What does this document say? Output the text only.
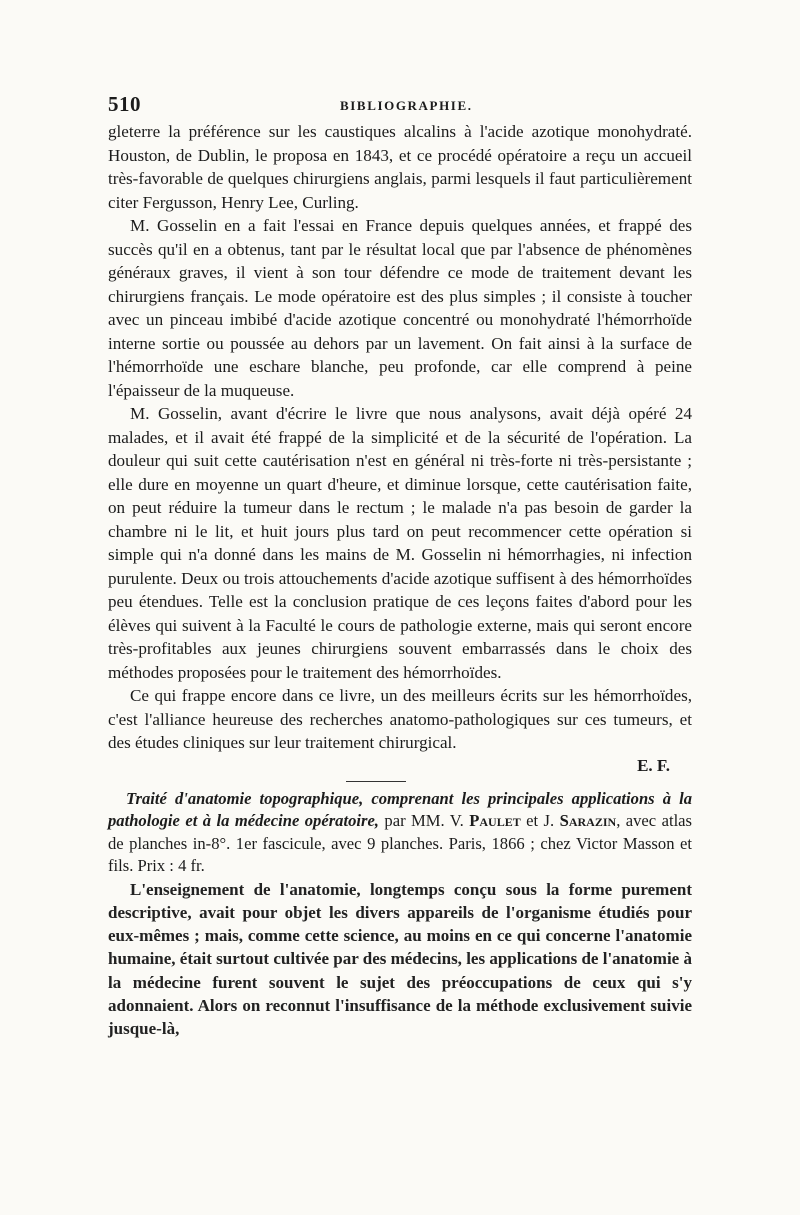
510	BIBLIOGRAPHIE.

gleterre la préférence sur les caustiques alcalins à l'acide azotique monohydraté. Houston, de Dublin, le proposa en 1843, et ce procédé opératoire a reçu un accueil très-favorable de quelques chirurgiens anglais, parmi lesquels il faut particulièrement citer Fergusson, Henry Lee, Curling.

M. Gosselin en a fait l'essai en France depuis quelques années, et frappé des succès qu'il en a obtenus, tant par le résultat local que par l'absence de phénomènes généraux graves, il vient à son tour défendre ce mode de traitement devant les chirurgiens français. Le mode opératoire est des plus simples ; il consiste à toucher avec un pinceau imbibé d'acide azotique concentré ou monohydraté l'hémorrhoïde interne sortie ou poussée au dehors par un lavement. On fait ainsi à la surface de l'hémorrhoïde une eschare blanche, peu profonde, car elle comprend à peine l'épaisseur de la muqueuse.

M. Gosselin, avant d'écrire le livre que nous analysons, avait déjà opéré 24 malades, et il avait été frappé de la simplicité et de la sécurité de l'opération. La douleur qui suit cette cautérisation n'est en général ni très-forte ni très-persistante ; elle dure en moyenne un quart d'heure, et diminue lorsque, cette cautérisation faite, on peut réduire la tumeur dans le rectum ; le malade n'a pas besoin de garder la chambre ni le lit, et huit jours plus tard on peut recommencer cette opération si simple qui n'a donné dans les mains de M. Gosselin ni hémorrhagies, ni infection purulente. Deux ou trois attouchements d'acide azotique suffisent à des hémorrhoïdes peu étendues. Telle est la conclusion pratique de ces leçons faites d'abord pour les élèves qui suivent à la Faculté le cours de pathologie externe, mais qui seront encore très-profitables aux jeunes chirurgiens souvent embarrassés dans le choix des méthodes proposées pour le traitement des hémorrhoïdes.

Ce qui frappe encore dans ce livre, un des meilleurs écrits sur les hémorrhoïdes, c'est l'alliance heureuse des recherches anatomo-pathologiques sur ces tumeurs, et des études cliniques sur leur traitement chirurgical.

E. F.

Traité d'anatomie topographique, comprenant les principales applications à la pathologie et à la médecine opératoire, par MM. V. Paulet et J. Sarazin, avec atlas de planches in-8°. 1er fascicule, avec 9 planches. Paris, 1866 ; chez Victor Masson et fils. Prix : 4 fr.

L'enseignement de l'anatomie, longtemps conçu sous la forme purement descriptive, avait pour objet les divers appareils de l'organisme étudiés pour eux-mêmes ; mais, comme cette science, au moins en ce qui concerne l'anatomie humaine, était surtout cultivée par des médecins, les applications de l'anatomie à la médecine furent souvent le sujet des préoccupations de ceux qui s'y adonnaient. Alors on reconnut l'insuffisance de la méthode exclusivement suivie jusque-là,
